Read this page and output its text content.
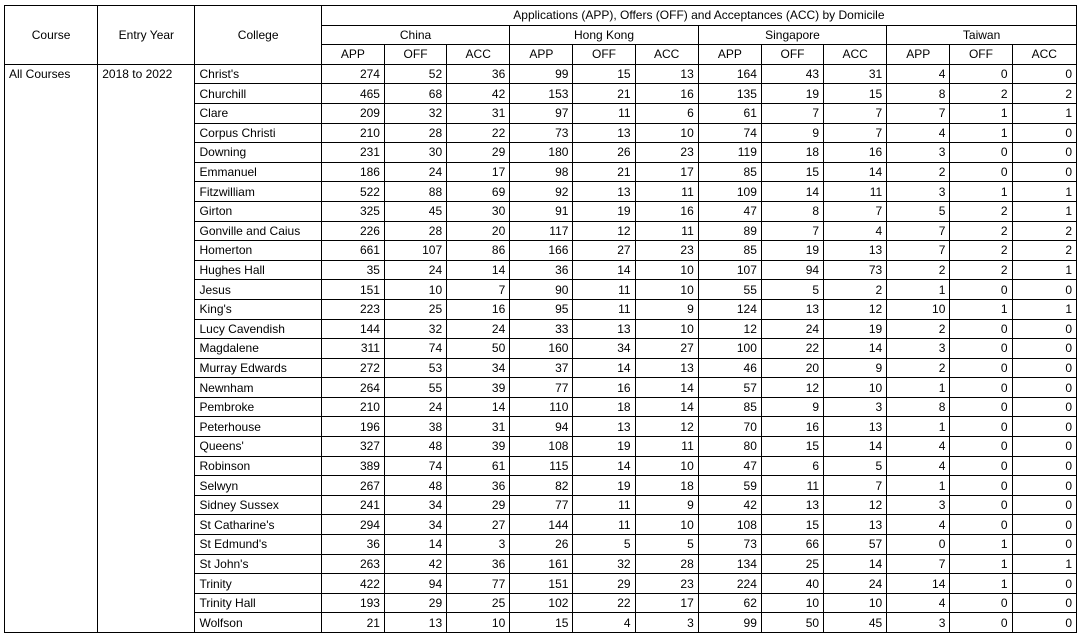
Course	Entry Year	College	Applications (APP), Offers (OFF) and Acceptances (ACC) by Domicile											
			China			Hong Kong			Singapore			Taiwan		
			APP	OFF	ACC	APP	OFF	ACC	APP	OFF	ACC	APP	OFF	ACC
All Courses	2018 to 2022	Christ's	274	52	36	99	15	13	164	43	31	4	0	0
		Churchill	465	68	42	153	21	16	135	19	15	8	2	2
		Clare	209	32	31	97	11	6	61	7	7	7	1	1
		Corpus Christi	210	28	22	73	13	10	74	9	7	4	1	0
		Downing	231	30	29	180	26	23	119	18	16	3	0	0
		Emmanuel	186	24	17	98	21	17	85	15	14	2	0	0
		Fitzwilliam	522	88	69	92	13	11	109	14	11	3	1	1
		Girton	325	45	30	91	19	16	47	8	7	5	2	1
		Gonville and Caius	226	28	20	117	12	11	89	7	4	7	2	2
		Homerton	661	107	86	166	27	23	85	19	13	7	2	2
		Hughes Hall	35	24	14	36	14	10	107	94	73	2	2	1
		Jesus	151	10	7	90	11	10	55	5	2	1	0	0
		King's	223	25	16	95	11	9	124	13	12	10	1	1
		Lucy Cavendish	144	32	24	33	13	10	12	24	19	2	0	0
		Magdalene	311	74	50	160	34	27	100	22	14	3	0	0
		Murray Edwards	272	53	34	37	14	13	46	20	9	2	0	0
		Newnham	264	55	39	77	16	14	57	12	10	1	0	0
		Pembroke	210	24	14	110	18	14	85	9	3	8	0	0
		Peterhouse	196	38	31	94	13	12	70	16	13	1	0	0
		Queens'	327	48	39	108	19	11	80	15	14	4	0	0
		Robinson	389	74	61	115	14	10	47	6	5	4	0	0
		Selwyn	267	48	36	82	19	18	59	11	7	1	0	0
		Sidney Sussex	241	34	29	77	11	9	42	13	12	3	0	0
		St Catharine's	294	34	27	144	11	10	108	15	13	4	0	0
		St Edmund's	36	14	3	26	5	5	73	66	57	0	1	0
		St John's	263	42	36	161	32	28	134	25	14	7	1	1
		Trinity	422	94	77	151	29	23	224	40	24	14	1	0
		Trinity Hall	193	29	25	102	22	17	62	10	10	4	0	0
		Wolfson	21	13	10	15	4	3	99	50	45	3	0	0
